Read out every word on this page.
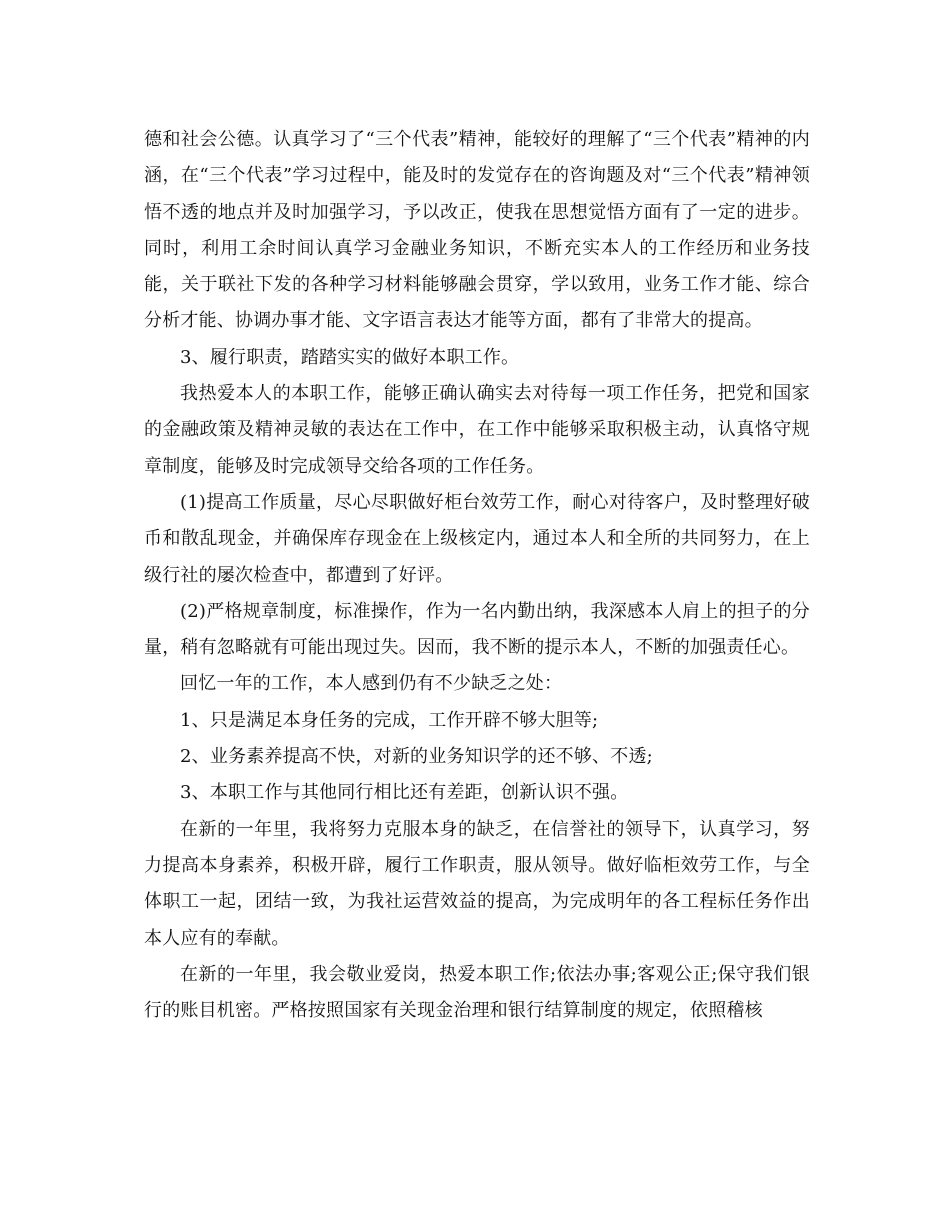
德和社会公德。认真学习了“三个代表”精神，能较好的理解了“三个代表”精神的内涵，在“三个代表”学习过程中，能及时的发觉存在的咨询题及对“三个代表”精神领悟不透的地点并及时加强学习，予以改正，使我在思想觉悟方面有了一定的进步。同时，利用工余时间认真学习金融业务知识，不断充实本人的工作经历和业务技能，关于联社下发的各种学习材料能够融会贯穿，学以致用，业务工作才能、综合分析才能、协调办事才能、文字语言表达才能等方面，都有了非常大的提高。

3、履行职责，踏踏实实的做好本职工作。

我热爱本人的本职工作，能够正确认确实去对待每一项工作任务，把党和国家的金融政策及精神灵敏的表达在工作中，在工作中能够采取积极主动，认真恪守规章制度，能够及时完成领导交给各项的工作任务。

(1)提高工作质量，尽心尽职做好柜台效劳工作，耐心对待客户，及时整理好破币和散乱现金，并确保库存现金在上级核定内，通过本人和全所的共同努力，在上级行社的屡次检查中，都遭到了好评。

(2)严格规章制度，标准操作，作为一名内勤出纳，我深感本人肩上的担子的分量，稍有忽略就有可能出现过失。因而，我不断的提示本人，不断的加强责任心。

回忆一年的工作，本人感到仍有不少缺乏之处：

1、只是满足本身任务的完成，工作开辟不够大胆等;

2、业务素养提高不快，对新的业务知识学的还不够、不透;

3、本职工作与其他同行相比还有差距，创新认识不强。

在新的一年里，我将努力克服本身的缺乏，在信誉社的领导下，认真学习，努力提高本身素养，积极开辟，履行工作职责，服从领导。做好临柜效劳工作，与全体职工一起，团结一致，为我社运营效益的提高，为完成明年的各工程标任务作出本人应有的奉献。

在新的一年里，我会敬业爱岗，热爱本职工作;依法办事;客观公正;保守我们银行的账目机密。严格按照国家有关现金治理和银行结算制度的规定，依照稽核
